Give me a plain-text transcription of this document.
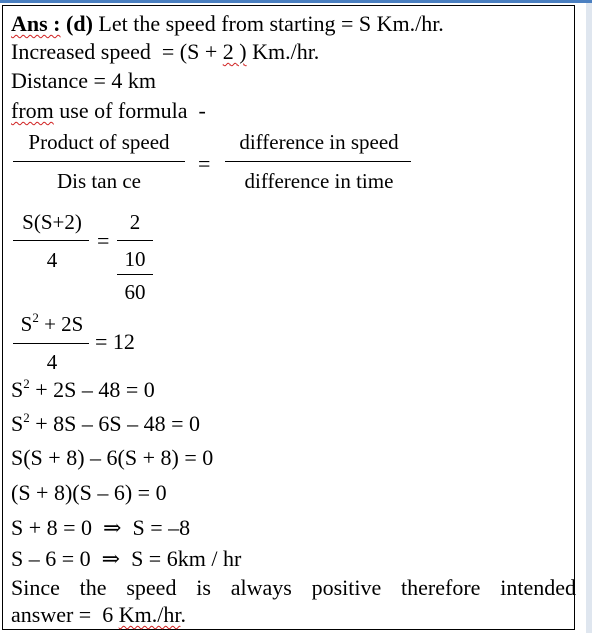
Ans : (d) Let the speed from starting = S Km./hr.
Increased speed  = (S + 2 ) Km./hr.
Distance = 4 km
from use of formula  -
Product of speed
Dis tan ce
=
difference in speed
difference in time
S(S+2)
4
=
2
10
60
$S^2 + 2S$
4
= 12
$S^2 + 2S - 48 = 0$
$S^2 + 8S - 6S - 48 = 0$
S(S + 8) – 6(S + 8) = 0
(S + 8)(S – 6) = 0
S + 8 = 0  ⇒  S = –8
S – 6 = 0  ⇒  S = 6km / hr
Since the speed is always positive therefore intended
answer =  6 Km./hr.
